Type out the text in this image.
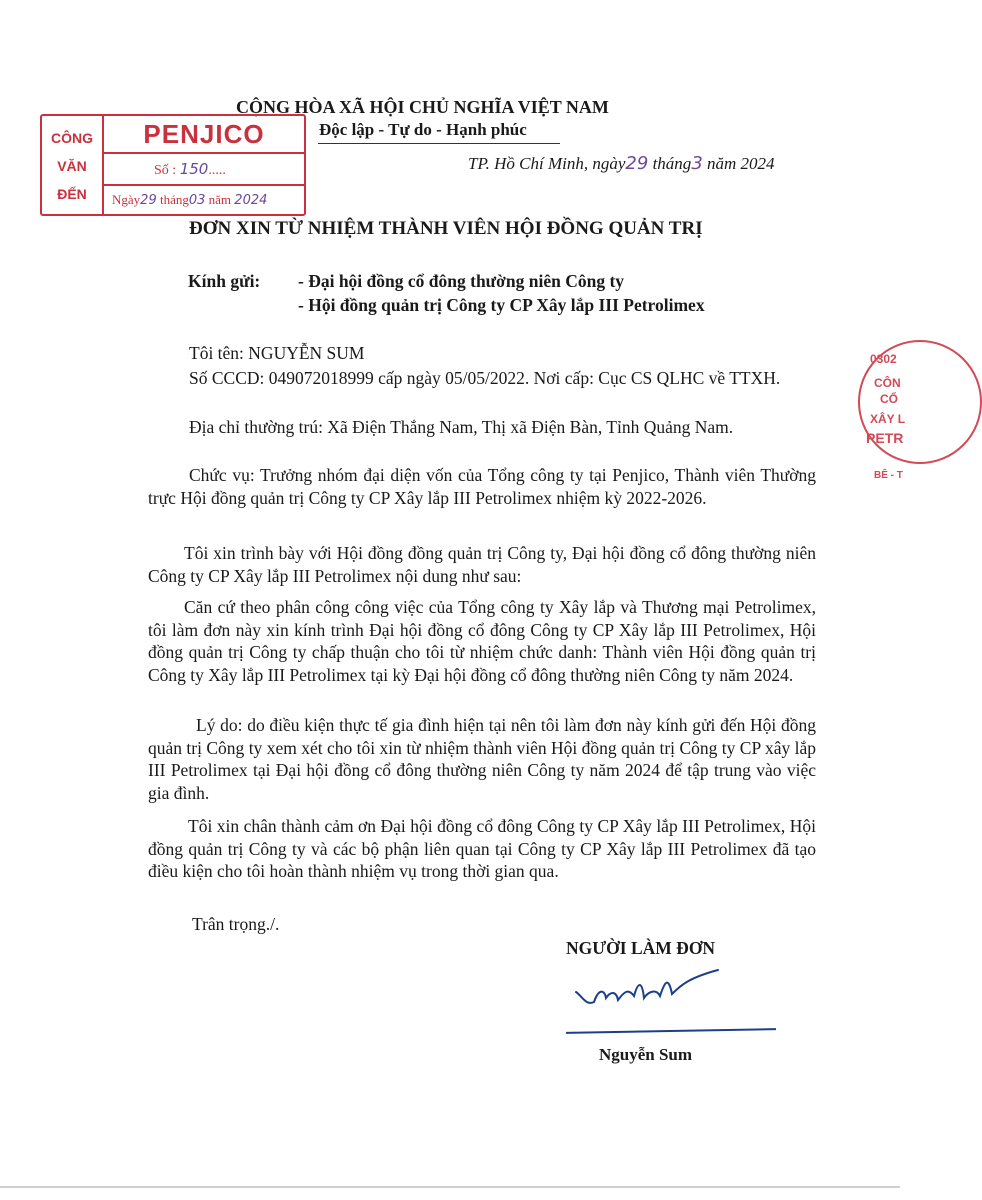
CỘNG HÒA XÃ HỘI CHỦ NGHĨA VIỆT NAM
Độc lập - Tự do - Hạnh phúc
TP. Hồ Chí Minh, ngày29 tháng3 năm 2024
CÔNG
VĂN
ĐẾN
PENJICO
Số : 150.....
Ngày29 tháng03 năm 2024
0302
CÔN
CỔ
XÂY L
PETR
BÊ - T
ĐƠN XIN TỪ NHIỆM THÀNH VIÊN HỘI ĐỒNG QUẢN TRỊ
Kính gửi: - Đại hội đồng cổ đông thường niên Công ty
- Hội đồng quản trị Công ty CP Xây lắp III Petrolimex
Tôi tên: NGUYỄN SUM
Số CCCD: 049072018999 cấp ngày 05/05/2022. Nơi cấp: Cục CS QLHC về TTXH.
Địa chỉ thường trú: Xã Điện Thắng Nam, Thị xã Điện Bàn, Tỉnh Quảng Nam.
Chức vụ: Trưởng nhóm đại diện vốn của Tổng công ty tại Penjico, Thành viên Thường trực Hội đồng quản trị Công ty CP Xây lắp III Petrolimex nhiệm kỳ 2022-2026.
Tôi xin trình bày với Hội đồng đồng quản trị Công ty, Đại hội đồng cổ đông thường niên Công ty CP Xây lắp III Petrolimex nội dung như sau:
Căn cứ theo phân công công việc của Tổng công ty Xây lắp và Thương mại Petrolimex, tôi làm đơn này xin kính trình Đại hội đồng cổ đông Công ty CP Xây lắp III Petrolimex, Hội đồng quản trị Công ty chấp thuận cho tôi từ nhiệm chức danh: Thành viên Hội đồng quản trị Công ty Xây lắp III Petrolimex tại kỳ Đại hội đồng cổ đông thường niên Công ty năm 2024.
Lý do: do điều kiện thực tế gia đình hiện tại nên tôi làm đơn này kính gửi đến Hội đồng quản trị Công ty xem xét cho tôi xin từ nhiệm thành viên Hội đồng quản trị Công ty CP xây lắp III Petrolimex tại Đại hội đồng cổ đông thường niên Công ty năm 2024 để tập trung vào việc gia đình.
Tôi xin chân thành cảm ơn Đại hội đồng cổ đông Công ty CP Xây lắp III Petrolimex, Hội đồng quản trị Công ty và các bộ phận liên quan tại Công ty CP Xây lắp III Petrolimex đã tạo điều kiện cho tôi hoàn thành nhiệm vụ trong thời gian qua.
Trân trọng./.
NGƯỜI LÀM ĐƠN
Nguyễn Sum
